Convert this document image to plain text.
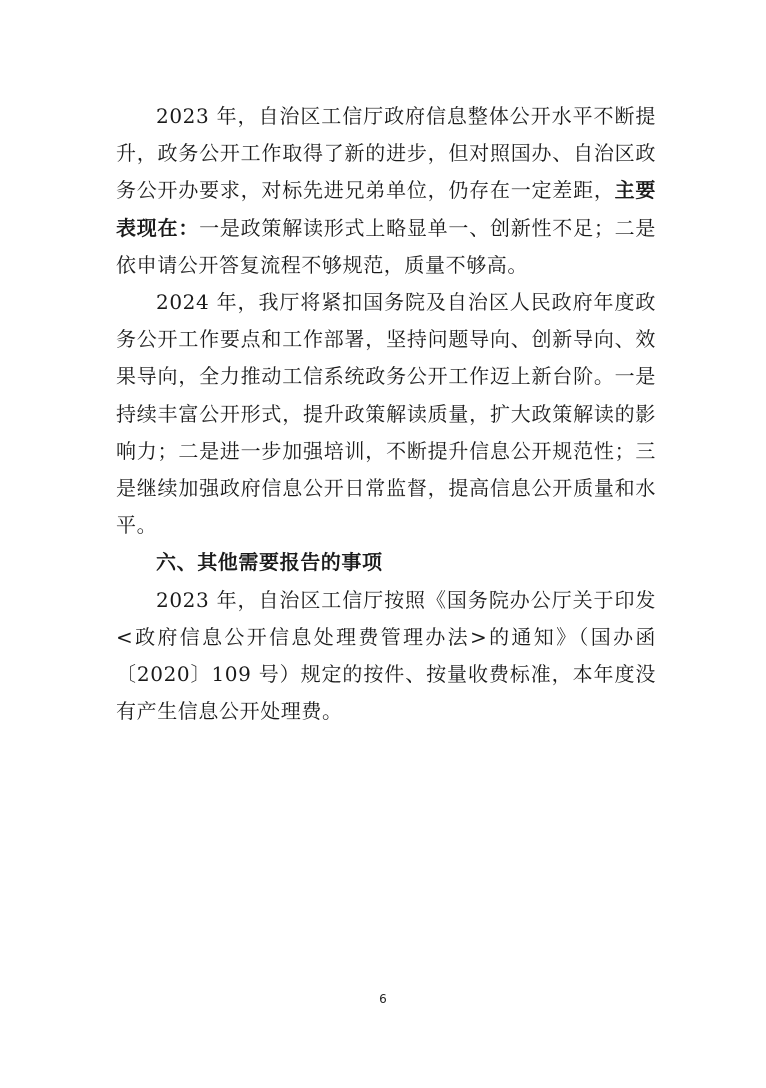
2023 年，自治区工信厅政府信息整体公开水平不断提升，政务公开工作取得了新的进步，但对照国办、自治区政务公开办要求，对标先进兄弟单位，仍存在一定差距，主要表现在：一是政策解读形式上略显单一、创新性不足；二是依申请公开答复流程不够规范，质量不够高。

2024 年，我厅将紧扣国务院及自治区人民政府年度政务公开工作要点和工作部署，坚持问题导向、创新导向、效果导向，全力推动工信系统政务公开工作迈上新台阶。一是持续丰富公开形式，提升政策解读质量，扩大政策解读的影响力；二是进一步加强培训，不断提升信息公开规范性；三是继续加强政府信息公开日常监督，提高信息公开质量和水平。

六、其他需要报告的事项

2023 年，自治区工信厅按照《国务院办公厅关于印发<政府信息公开信息处理费管理办法>的通知》（国办函〔2020〕109 号）规定的按件、按量收费标准，本年度没有产生信息公开处理费。

6
